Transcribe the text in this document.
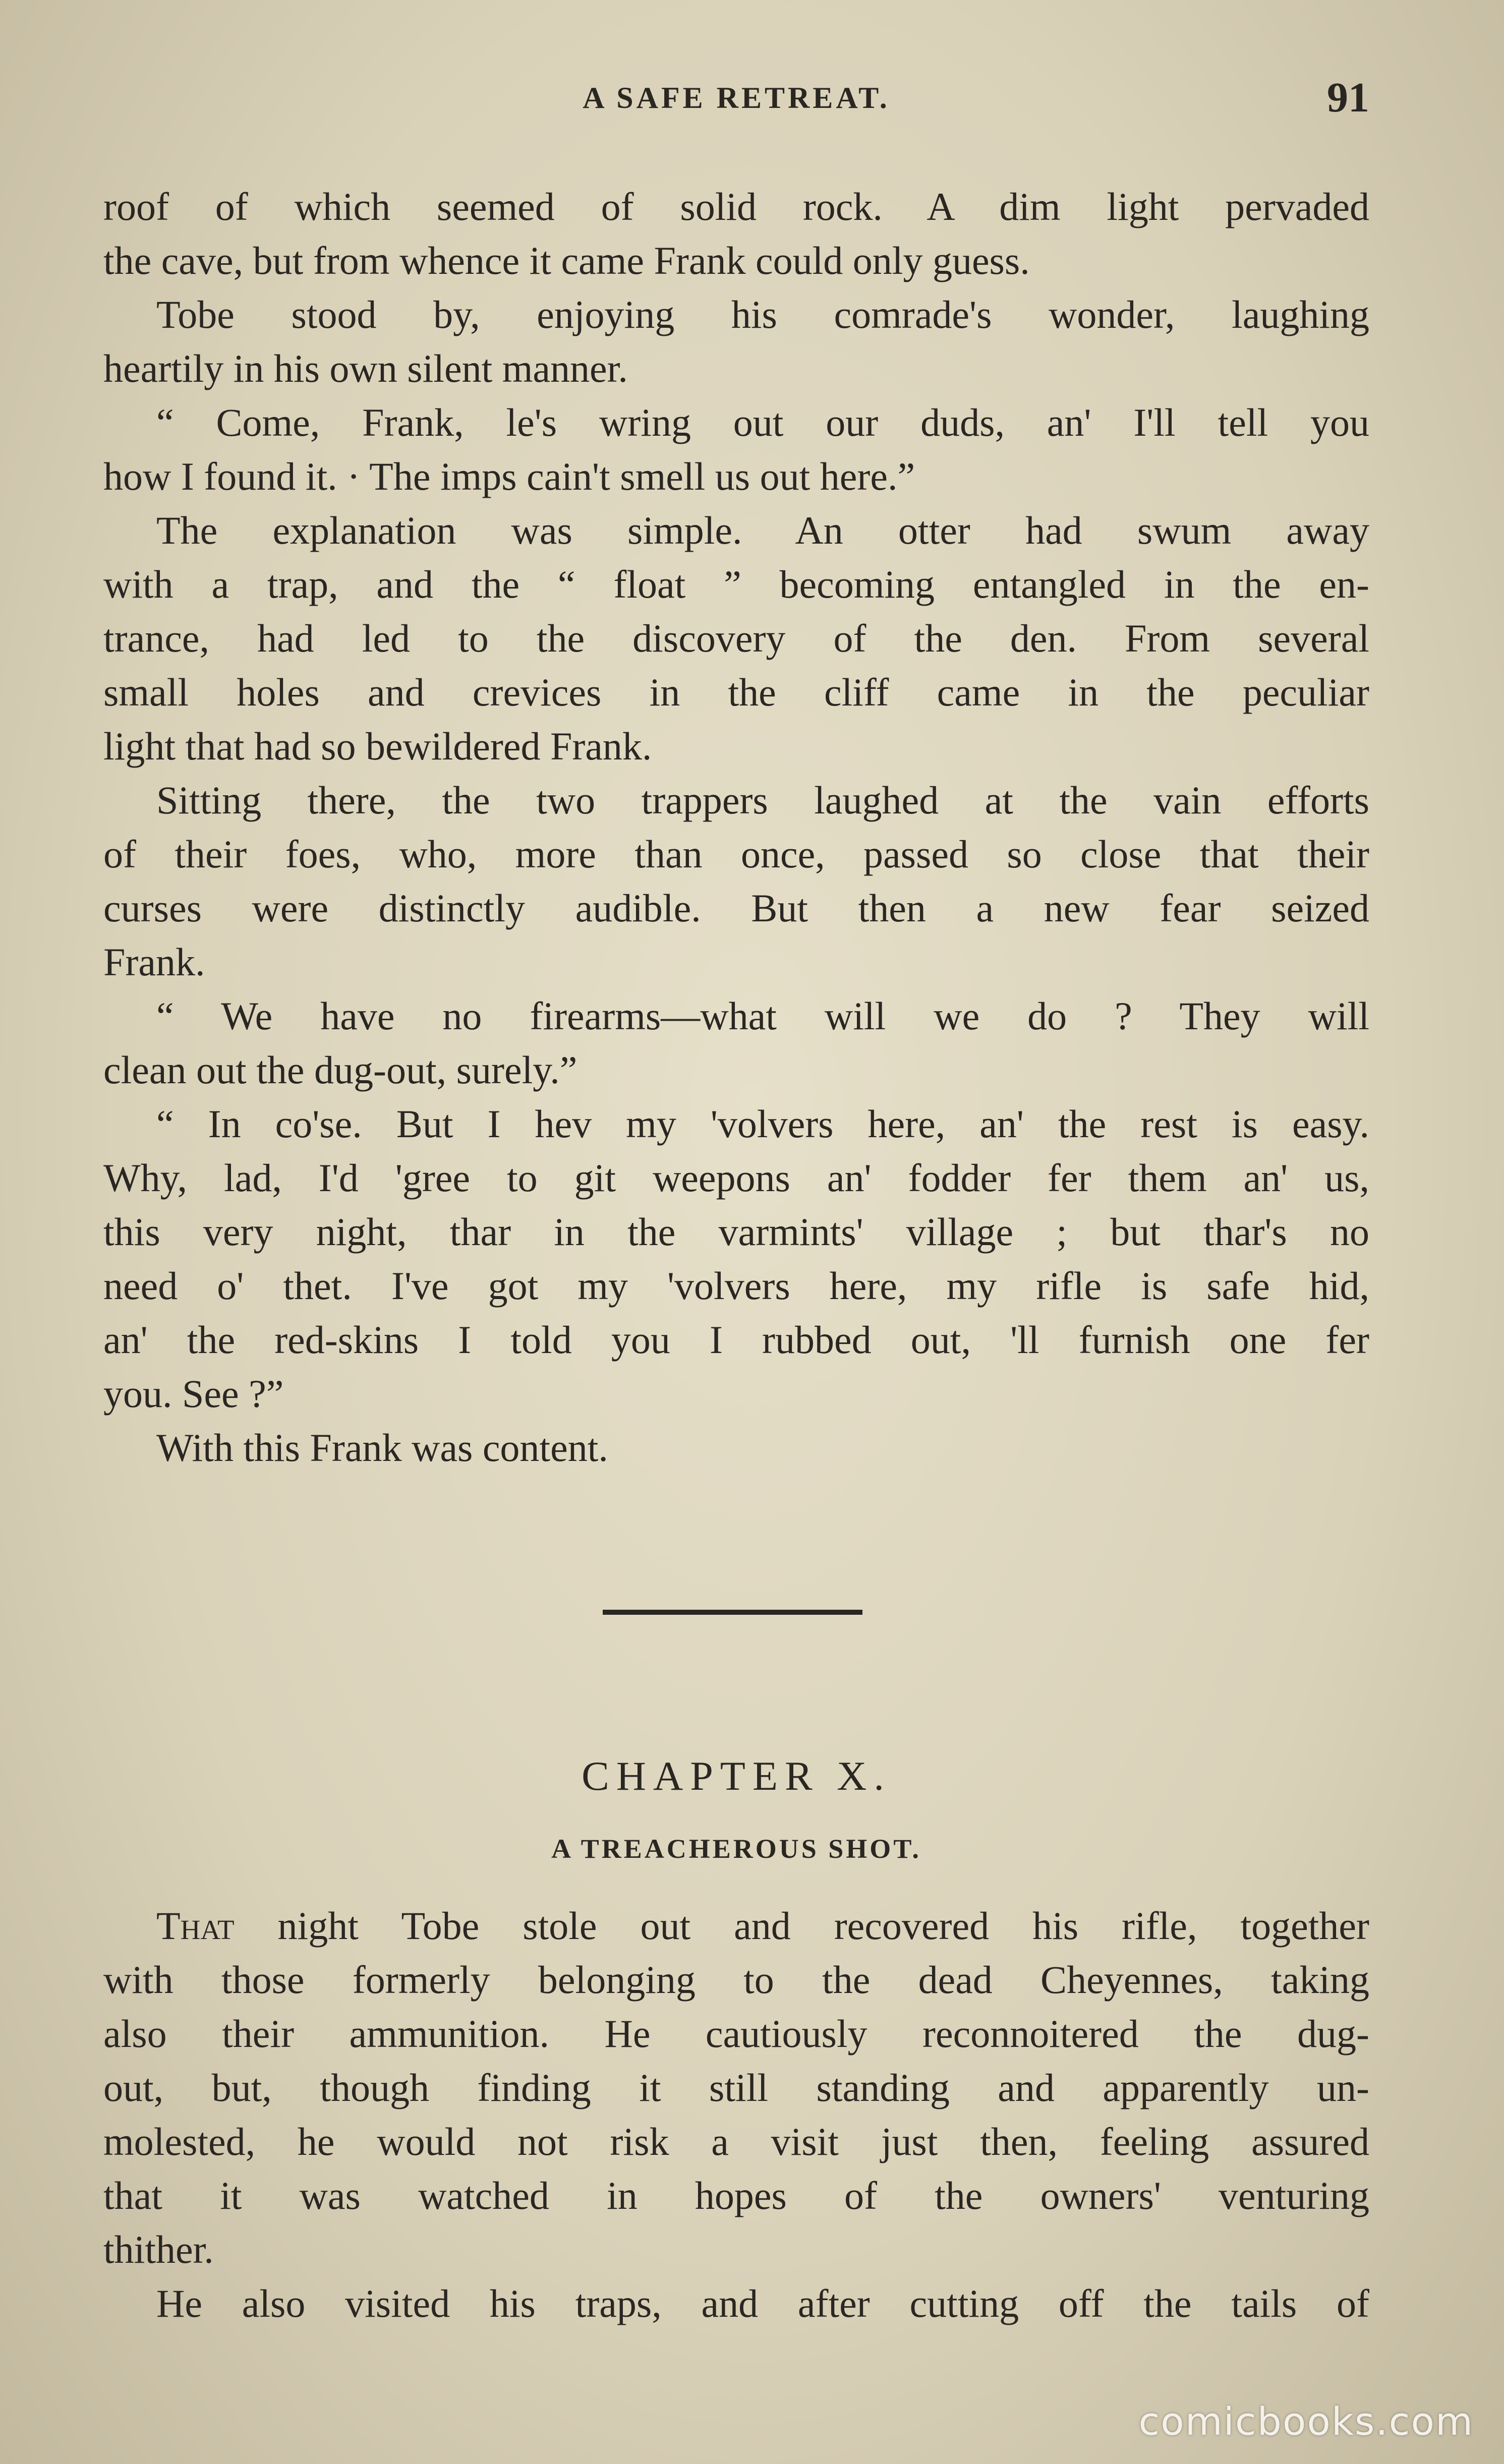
A SAFE RETREAT.	91
roof of which seemed of solid rock. A dim light pervaded
the cave, but from whence it came Frank could only guess.
Tobe stood by, enjoying his comrade's wonder, laughing
heartily in his own silent manner.
“ Come, Frank, le's wring out our duds, an' I'll tell you
how I found it. · The imps cain't smell us out here.”
The explanation was simple. An otter had swum away
with a trap, and the “ float ” becoming entangled in the en-
trance, had led to the discovery of the den. From several
small holes and crevices in the cliff came in the peculiar
light that had so bewildered Frank.
Sitting there, the two trappers laughed at the vain efforts
of their foes, who, more than once, passed so close that their
curses were distinctly audible. But then a new fear seized
Frank.
“ We have no firearms—what will we do ? They will
clean out the dug-out, surely.”
“ In co'se. But I hev my 'volvers here, an' the rest is easy.
Why, lad, I'd 'gree to git weepons an' fodder fer them an' us,
this very night, thar in the varmints' village ; but thar's no
need o' thet. I've got my 'volvers here, my rifle is safe hid,
an' the red-skins I told you I rubbed out, 'll furnish one fer
you. See ?”
With this Frank was content.
CHAPTER X.
A TREACHEROUS SHOT.
That night Tobe stole out and recovered his rifle, together
with those formerly belonging to the dead Cheyennes, taking
also their ammunition. He cautiously reconnoitered the dug-
out, but, though finding it still standing and apparently un-
molested, he would not risk a visit just then, feeling assured
that it was watched in hopes of the owners' venturing
thither.
He also visited his traps, and after cutting off the tails of
comicbooks.com
